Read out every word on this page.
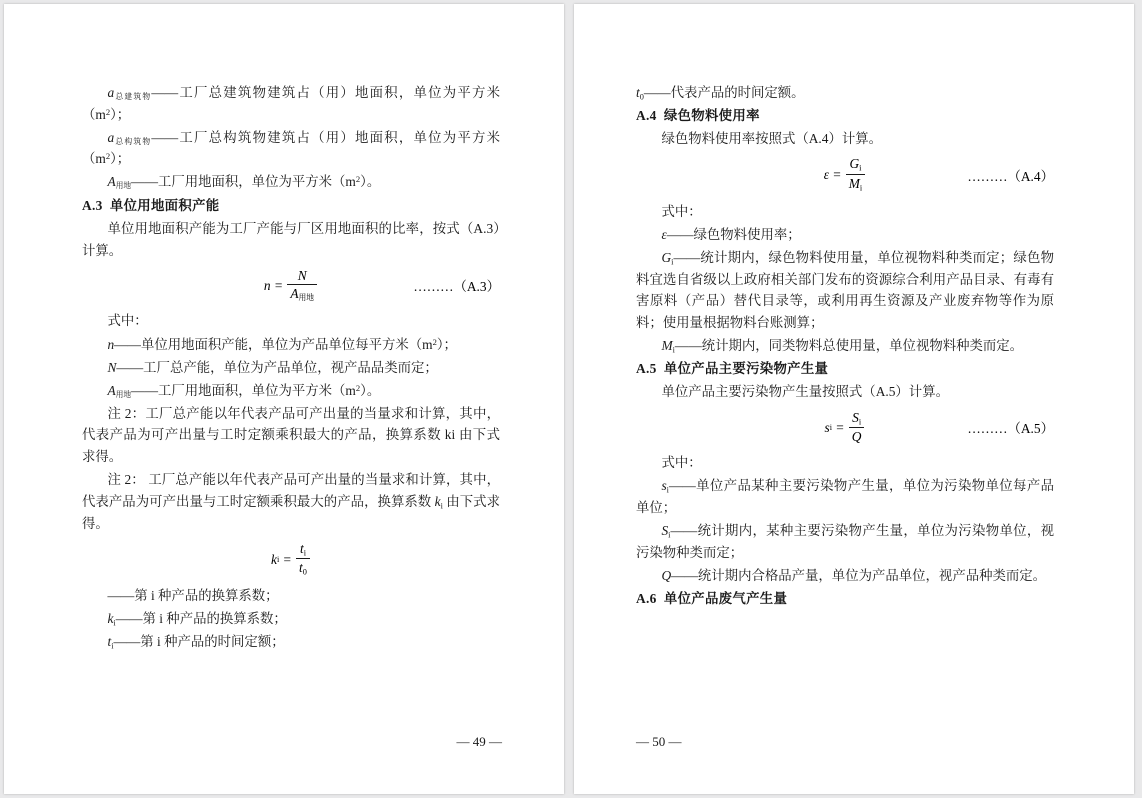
a总建筑物——工厂总建筑物建筑占（用）地面积，单位为平方米$(m^2)$；

a总构筑物——工厂总构筑物建筑占（用）地面积，单位为平方米$(m^2)$；

A用地——工厂用地面积，单位为平方米$(m^2)$。

A.3 单位用地面积产能

单位用地面积产能为工厂产能与厂区用地面积的比率，按式（A.3）计算。

$n = \frac{N}{\text{A用地}}$	………（A.3）

式中：

n——单位用地面积产能，单位为产品单位每平方米$(m^2)$；

N——工厂总产能，单位为产品单位，视产品品类而定；

A用地——工厂用地面积，单位为平方米$(m^2)$。

注 2：工厂总产能以年代表产品可产出量的当量求和计算，其中，代表产品为可产出量与工时定额乘积最大的产品，换算系数 ki 由下式求得。

注 2： 工厂总产能以年代表产品可产出量的当量求和计算，其中，代表产品为可产出量与工时定额乘积最大的产品，换算系数 $k_i$ 由下式求得。

k $i = \frac{t_i}{t_0}$

——第 i 种产品的换算系数；

$k_i——$第 i 种产品的换算系数；

$t_i——$第 i 种产品的时间定额；

— 49 —

$t_0——$代表产品的时间定额。

A.4 绿色物料使用率

绿色物料使用率按照式（A.4）计算。

$\varepsilon = \frac{G_i}{M_i}$	………（A.4）

式中：

ε——绿色物料使用率；

$G_i——$统计期内，绿色物料使用量，单位视物料种类而定；绿色物料宜选自省级以上政府相关部门发布的资源综合利用产品目录、有毒有害原料（产品）替代目录等，或利用再生资源及产业废弃物等作为原料；使用量根据物料台账测算；

$M_i——$统计期内，同类物料总使用量，单位视物料种类而定。

A.5 单位产品主要污染物产生量

单位产品主要污染物产生量按照式（A.5）计算。

s $i = \frac{S_i}{Q}$	………（A.5）

式中：

$s_i——$单位产品某种主要污染物产生量，单位为污染物单位每产品单位；

$S_i——$统计期内，某种主要污染物产生量，单位为污染物单位，视污染物种类而定；

Q——统计期内合格品产量，单位为产品单位，视产品种类而定。

A.6 单位产品废气产生量

— 50 —
